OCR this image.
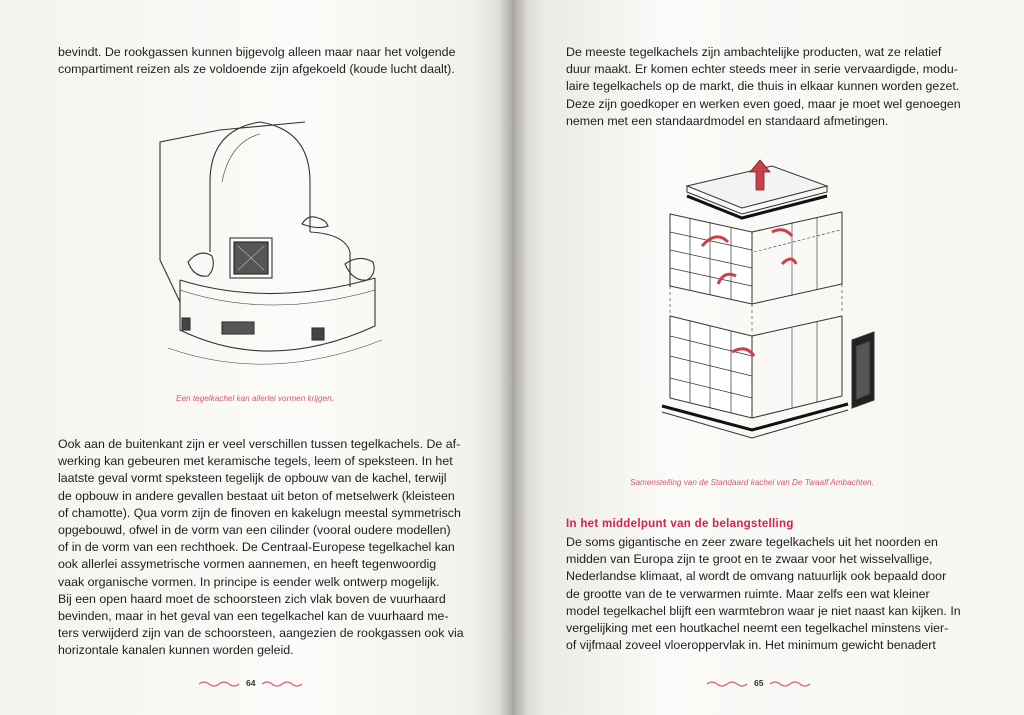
bevindt. De rookgassen kunnen bijgevolg alleen maar naar het volgende
compartiment reizen als ze voldoende zijn afgekoeld (koude lucht daalt).

Een tegelkachel kan allerlei vormen krijgen.

Ook aan de buitenkant zijn er veel verschillen tussen tegelkachels. De af-
werking kan gebeuren met keramische tegels, leem of speksteen. In het
laatste geval vormt speksteen tegelijk de opbouw van de kachel, terwijl
de opbouw in andere gevallen bestaat uit beton of metselwerk (kleisteen
of chamotte). Qua vorm zijn de finoven en kakelugn meestal symmetrisch
opgebouwd, ofwel in de vorm van een cilinder (vooral oudere modellen)
of in de vorm van een rechthoek. De Centraal-Europese tegelkachel kan
ook allerlei assymetrische vormen aannemen, en heeft tegenwoordig
vaak organische vormen. In principe is eender welk ontwerp mogelijk.
Bij een open haard moet de schoorsteen zich vlak boven de vuurhaard
bevinden, maar in het geval van een tegelkachel kan de vuurhaard me-
ters verwijderd zijn van de schoorsteen, aangezien de rookgassen ook via
horizontale kanalen kunnen worden geleid.

64

De meeste tegelkachels zijn ambachtelijke producten, wat ze relatief
duur maakt. Er komen echter steeds meer in serie vervaardigde, modu-
laire tegelkachels op de markt, die thuis in elkaar kunnen worden gezet.
Deze zijn goedkoper en werken even goed, maar je moet wel genoegen
nemen met een standaardmodel en standaard afmetingen.

Samenstelling van de Standaard kachel van De Twaalf Ambachten.

In het middelpunt van de belangstelling

De soms gigantische en zeer zware tegelkachels uit het noorden en
midden van Europa zijn te groot en te zwaar voor het wisselvallige,
Nederlandse klimaat, al wordt de omvang natuurlijk ook bepaald door
de grootte van de te verwarmen ruimte. Maar zelfs een wat kleiner
model tegelkachel blijft een warmtebron waar je niet naast kan kijken. In
vergelijking met een houtkachel neemt een tegelkachel minstens vier-
of vijfmaal zoveel vloeroppervlak in. Het minimum gewicht benadert

65
